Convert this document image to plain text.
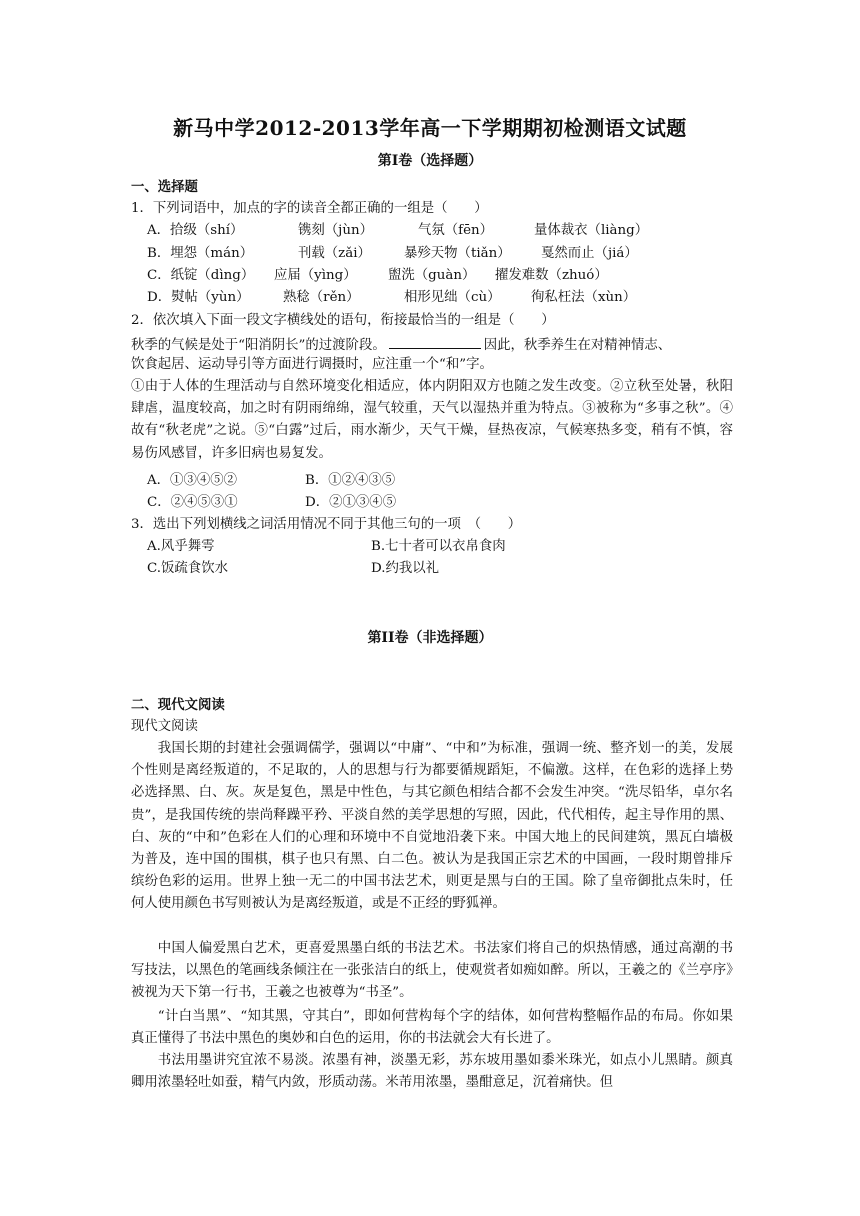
新马中学2012-2013学年高一下学期期初检测语文试题
第Ⅰ卷（选择题）
一、选择题
1．下列词语中，加点的字的读音全都正确的一组是（　　）
A．拾级（shí）	镌刻（jùn）	气氛（fēn）	量体裁衣（liàng）
B．埋怨（mán）	刊载（zǎi） 暴殄天物（tiǎn） 戛然而止（jiá）
C．纸锭（dìng） 应届（yìng） 盥洗（guàn） 擢发难数（zhuó）
D．熨帖（yùn） 熟稔（rěn）	相形见绌（cù） 徇私枉法（xùn）
2．依次填入下面一段文字横线处的语句，衔接最恰当的一组是（　　）
秋季的气候是处于“阳消阴长”的过渡阶段。	因此，秋季养生在对精神情志、
饮食起居、运动导引等方面进行调摄时，应注重一个“和”字。
①由于人体的生理活动与自然环境变化相适应，体内阴阳双方也随之发生改变。②立秋至处暑，秋阳肆虐，温度较高，加之时有阴雨绵绵，湿气较重，天气以湿热并重为特点。③被称为“多事之秋”。④故有“秋老虎”之说。⑤“白露”过后，雨水渐少，天气干燥，昼热夜凉，气候寒热多变，稍有不慎，容易伤风感冒，许多旧病也易复发。
A．①③④⑤②	B．①②④③⑤
C．②④⑤③①	D．②①③④⑤
3．选出下列划横线之词活用情况不同于其他三句的一项　（　　）
A.风乎舞雩	B.七十者可以衣帛食肉
C.饭疏食饮水	D.约我以礼
第II卷（非选择题）
二、现代文阅读
现代文阅读
我国长期的封建社会强调儒学，强调以“中庸”、“中和”为标准，强调一统、整齐划一的美，发展个性则是离经叛道的，不足取的，人的思想与行为都要循规蹈矩，不偏激。这样，在色彩的选择上势必选择黑、白、灰。灰是复色，黑是中性色，与其它颜色相结合都不会发生冲突。“洗尽铅华，卓尔名贵”，是我国传统的崇尚释躁平矜、平淡自然的美学思想的写照，因此，代代相传，起主导作用的黑、白、灰的“中和”色彩在人们的心理和环境中不自觉地沿袭下来。中国大地上的民间建筑，黑瓦白墙极为普及，连中国的围棋，棋子也只有黑、白二色。被认为是我国正宗艺术的中国画，一段时期曾排斥缤纷色彩的运用。世界上独一无二的中国书法艺术，则更是黑与白的王国。除了皇帝御批点朱时，任何人使用颜色书写则被认为是离经叛道，或是不正经的野狐禅。
中国人偏爱黑白艺术，更喜爱黑墨白纸的书法艺术。书法家们将自己的炽热情感，通过高潮的书写技法，以黑色的笔画线条倾注在一张张洁白的纸上，使观赏者如痴如醉。所以，王羲之的《兰亭序》被视为天下第一行书，王羲之也被尊为“书圣”。
“计白当黑”、“知其黑，守其白”，即如何营构每个字的结体，如何营构整幅作品的布局。你如果真正懂得了书法中黑色的奥妙和白色的运用，你的书法就会大有长进了。
书法用墨讲究宜浓不易淡。浓墨有神，淡墨无彩，苏东坡用墨如黍米珠光，如点小儿黑睛。颜真卿用浓墨轻吐如蚕，精气内敛，形质动荡。米芾用浓墨，墨酣意足，沉着痛快。但
